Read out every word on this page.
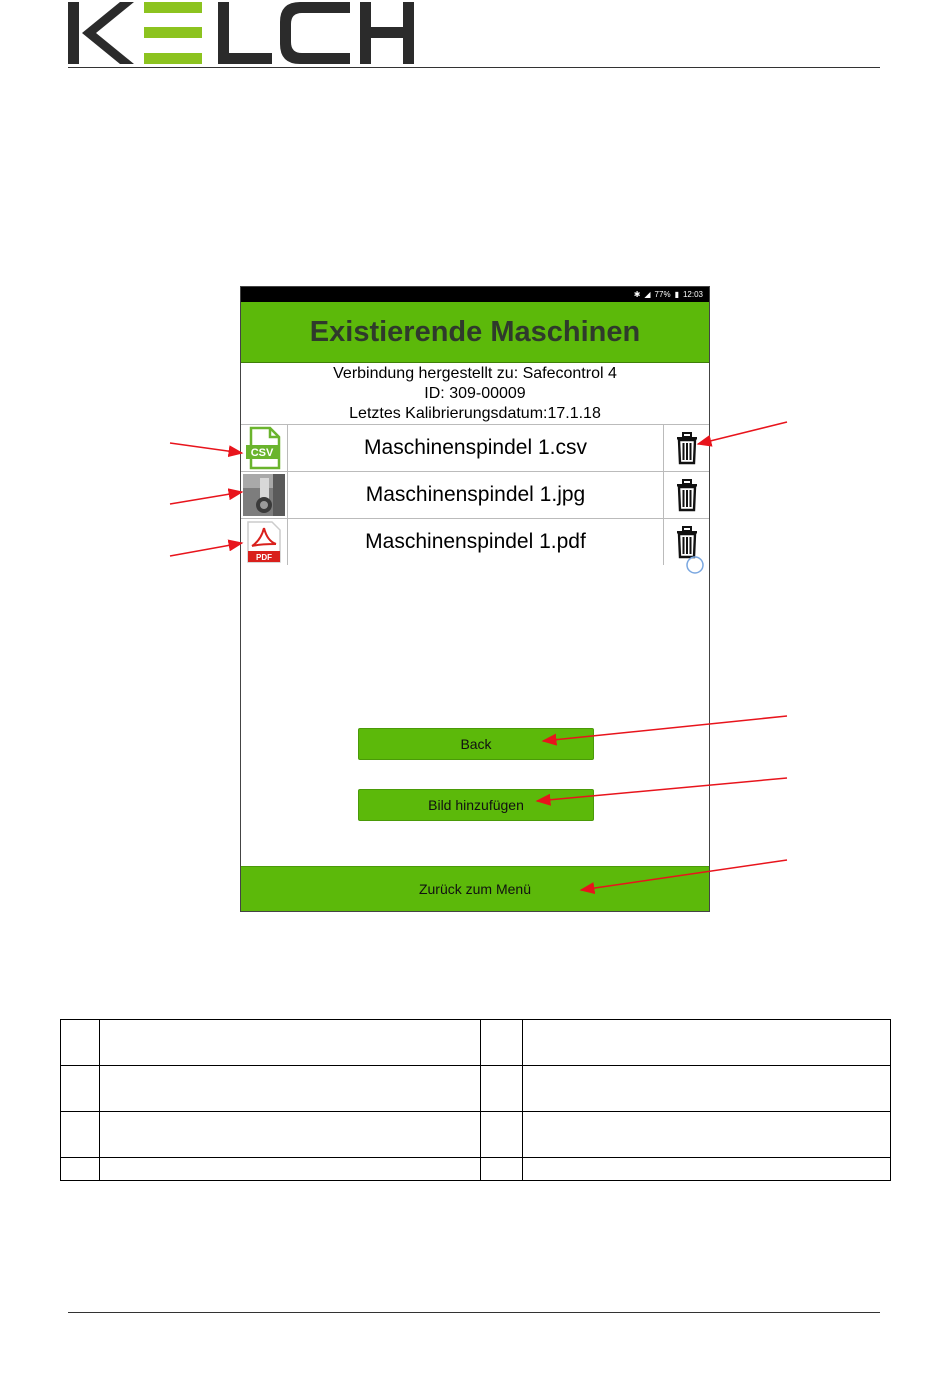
✱ ◢ 77% ▮ 12:03
Existierende Maschinen
Verbindung hergestellt zu: Safecontrol 4
ID: 309-00009
Letztes Kalibrierungsdatum:17.1.18
CSV	Maschinenspindel 1.csv
Maschinenspindel 1.jpg
PDF
Maschinenspindel 1.pdf
Back
Bild hinzufügen
Zurück zum Menü
